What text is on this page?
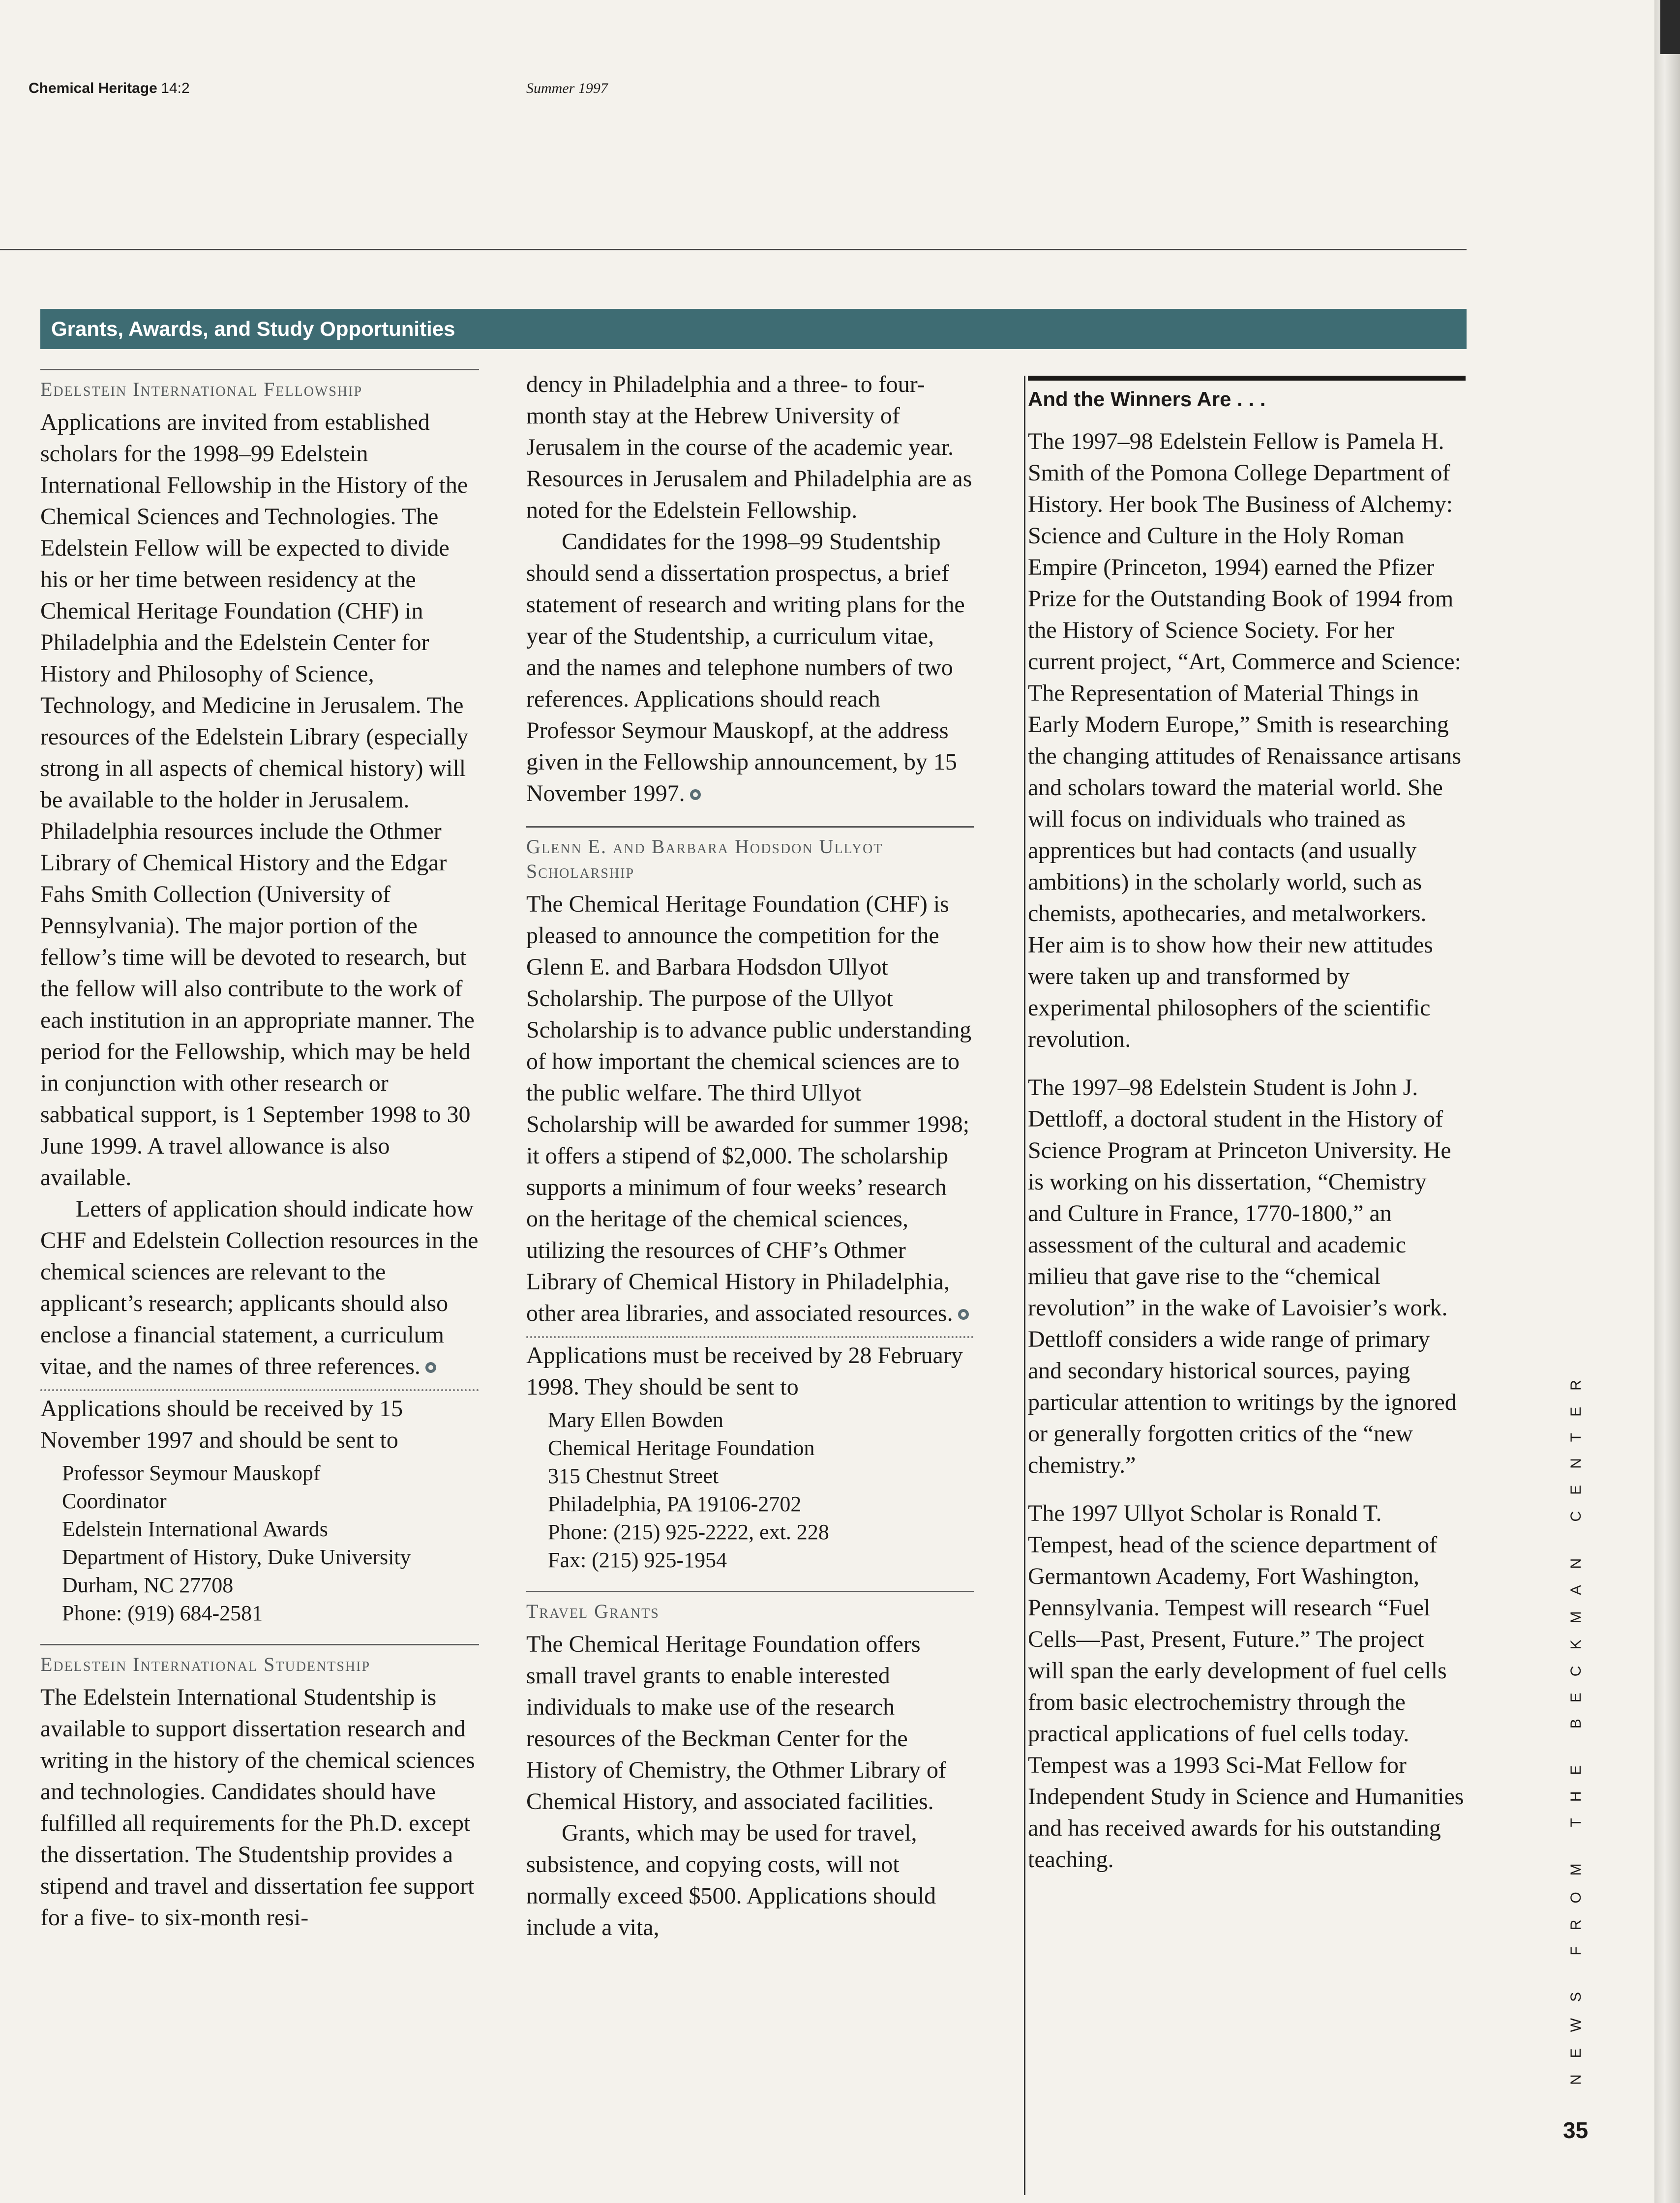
Chemical Heritage 14:2	Summer 1997
Grants, Awards, and Study Opportunities
Edelstein International Fellowship

Applications are invited from established scholars for the 1998–99 Edelstein International Fellowship in the History of the Chemical Sciences and Technologies. The Edelstein Fellow will be expected to divide his or her time between residency at the Chemical Heritage Foundation (CHF) in Philadelphia and the Edelstein Center for History and Philosophy of Science, Technology, and Medicine in Jerusalem. The resources of the Edelstein Library (especially strong in all aspects of chemical history) will be available to the holder in Jerusalem. Philadelphia resources include the Othmer Library of Chemical History and the Edgar Fahs Smith Collection (University of Pennsylvania). The major portion of the fellow’s time will be devoted to research, but the fellow will also contribute to the work of each institution in an appropriate manner. The period for the Fellowship, which may be held in conjunction with other research or sabbatical support, is 1 September 1998 to 30 June 1999. A travel allowance is also available.

Letters of application should indicate how CHF and Edelstein Collection resources in the chemical sciences are relevant to the applicant’s research; applicants should also enclose a financial statement, a curriculum vitae, and the names of three references.

Applications should be received by 15 November 1997 and should be sent to

Professor Seymour Mauskopf
Coordinator
Edelstein International Awards
Department of History, Duke University
Durham, NC 27708
Phone: (919) 684-2581
Edelstein International Studentship

The Edelstein International Studentship is available to support dissertation research and writing in the history of the chemical sciences and technologies. Candidates should have fulfilled all requirements for the Ph.D. except the dissertation. The Studentship provides a stipend and travel and dissertation fee support for a five- to six-month resi-

dency in Philadelphia and a three- to four-month stay at the Hebrew University of Jerusalem in the course of the academic year. Resources in Jerusalem and Philadelphia are as noted for the Edelstein Fellowship.

Candidates for the 1998–99 Studentship should send a dissertation prospectus, a brief statement of research and writing plans for the year of the Studentship, a curriculum vitae, and the names and telephone numbers of two references. Applications should reach Professor Seymour Mauskopf, at the address given in the Fellowship announcement, by 15 November 1997.

Glenn E. and Barbara Hodsdon Ullyot Scholarship

The Chemical Heritage Foundation (CHF) is pleased to announce the competition for the Glenn E. and Barbara Hodsdon Ullyot Scholarship. The purpose of the Ullyot Scholarship is to advance public understanding of how important the chemical sciences are to the public welfare. The third Ullyot Scholarship will be awarded for summer 1998; it offers a stipend of $2,000. The scholarship supports a minimum of four weeks’ research on the heritage of the chemical sciences, utilizing the resources of CHF’s Othmer Library of Chemical History in Philadelphia, other area libraries, and associated resources.

Applications must be received by 28 February 1998. They should be sent to

Mary Ellen Bowden
Chemical Heritage Foundation
315 Chestnut Street
Philadelphia, PA 19106-2702
Phone: (215) 925-2222, ext. 228
Fax: (215) 925-1954
Travel Grants

The Chemical Heritage Foundation offers small travel grants to enable interested individuals to make use of the research resources of the Beckman Center for the History of Chemistry, the Othmer Library of Chemical History, and associated facilities.

Grants, which may be used for travel, subsistence, and copying costs, will not normally exceed $500. Applications should include a vita,

And the Winners Are . . .

The 1997–98 Edelstein Fellow is Pamela H. Smith of the Pomona College Department of History. Her book The Business of Alchemy: Science and Culture in the Holy Roman Empire (Princeton, 1994) earned the Pfizer Prize for the Outstanding Book of 1994 from the History of Science Society. For her current project, “Art, Commerce and Science: The Representation of Material Things in Early Modern Europe,” Smith is researching the changing attitudes of Renaissance artisans and scholars toward the material world. She will focus on individuals who trained as apprentices but had contacts (and usually ambitions) in the scholarly world, such as chemists, apothecaries, and metalworkers. Her aim is to show how their new attitudes were taken up and transformed by experimental philosophers of the scientific revolution.

The 1997–98 Edelstein Student is John J. Dettloff, a doctoral student in the History of Science Program at Princeton University. He is working on his dissertation, “Chemistry and Culture in France, 1770-1800,” an assessment of the cultural and academic milieu that gave rise to the “chemical revolution” in the wake of Lavoisier’s work. Dettloff considers a wide range of primary and secondary historical sources, paying particular attention to writings by the ignored or generally forgotten critics of the “new chemistry.”

The 1997 Ullyot Scholar is Ronald T. Tempest, head of the science department of Germantown Academy, Fort Washington, Pennsylvania. Tempest will research “Fuel Cells—Past, Present, Future.” The project will span the early development of fuel cells from basic electrochemistry through the practical applications of fuel cells today. Tempest was a 1993 Sci-Mat Fellow for Independent Study in Science and Humanities and has received awards for his outstanding teaching.	NEWS FROM THE BECKMAN CENTER
35
